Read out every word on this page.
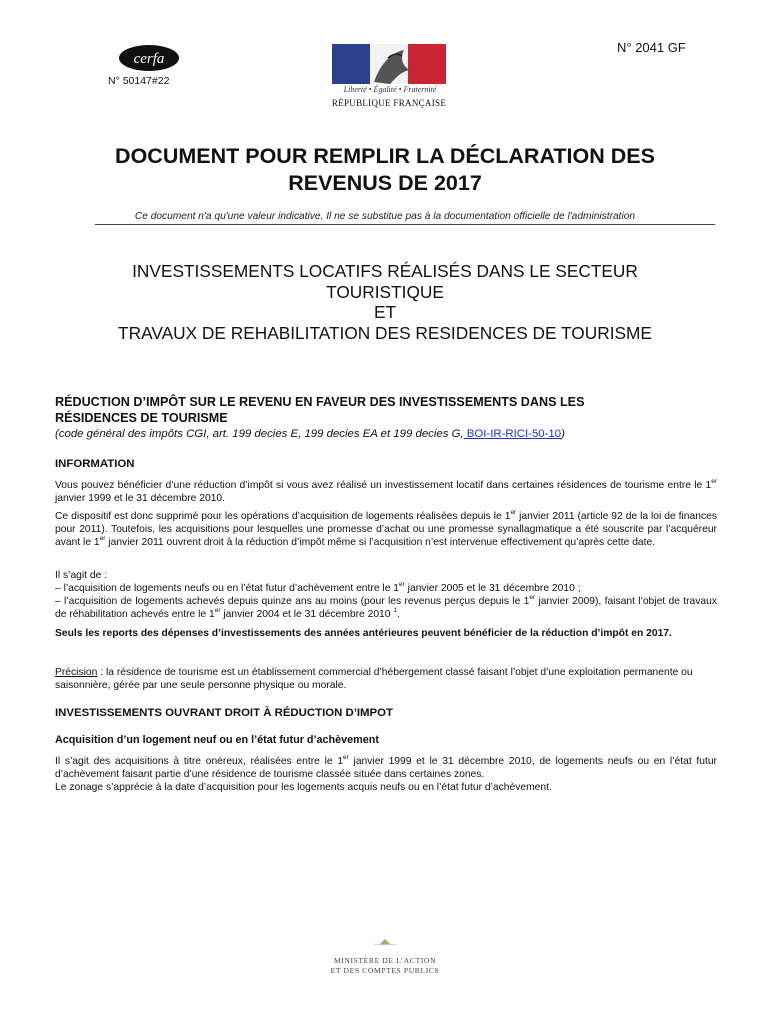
cerfa
N° 50147#22
N° 2041 GF
Liberté • Égalité • Fraternité
RÉPUBLIQUE FRANÇAISE
DOCUMENT POUR REMPLIR LA DÉCLARATION DES
REVENUS DE 2017
Ce document n'a qu'une valeur indicative. Il ne se substitue pas à la documentation officielle de l'administration
INVESTISSEMENTS LOCATIFS RÉALISÉS DANS LE SECTEUR
TOURISTIQUE
ET
TRAVAUX DE REHABILITATION DES RESIDENCES DE TOURISME
RÉDUCTION D’IMPÔT SUR LE REVENU EN FAVEUR DES INVESTISSEMENTS DANS LES
RÉSIDENCES DE TOURISME
(code général des impôts CGI, art. 199 decies E, 199 decies EA et 199 decies G, BOI-IR-RICI-50-10)
INFORMATION
Vous pouvez bénéficier d’une réduction d’impôt si vous avez réalisé un investissement locatif dans certaines résidences de tourisme entre le 1er janvier 1999 et le 31 décembre 2010.
Ce dispositif est donc supprimé pour les opérations d’acquisition de logements réalisées depuis le 1er janvier 2011 (article 92 de la loi de finances pour 2011). Toutefois, les acquisitions pour lesquelles une promesse d’achat ou une promesse synallagmatique a été souscrite par l’acquéreur avant le 1er janvier 2011 ouvrent droit à la réduction d’impôt même si l’acquisition n’est intervenue effectivement qu’après cette date.
Il s’agit de :
– l’acquisition de logements neufs ou en l’état futur d’achèvement entre le 1er janvier 2005 et le 31 décembre 2010 ;
– l’acquisition de logements achevés depuis quinze ans au moins (pour les revenus perçus depuis le 1er janvier 2009), faisant l’objet de travaux de réhabilitation achevés entre le 1er janvier 2004 et le 31 décembre 2010 $^1$.
Seuls les reports des dépenses d’investissements des années antérieures peuvent bénéficier de la réduction d’impôt en 2017.
Précision : la résidence de tourisme est un établissement commercial d’hébergement classé faisant l’objet d’une exploitation permanente ou saisonnière, gérée par une seule personne physique ou morale.
INVESTISSEMENTS OUVRANT DROIT À RÉDUCTION D’IMPOT
Acquisition d’un logement neuf ou en l’état futur d’achèvement
Il s’agit des acquisitions à titre onéreux, réalisées entre le 1er janvier 1999 et le 31 décembre 2010, de logements neufs ou en l’état futur d’achèvement faisant partie d’une résidence de tourisme classée située dans certaines zones.
Le zonage s’apprécie à la date d’acquisition pour les logements acquis neufs ou en l’état futur d’achèvement.
MINISTÈRE DE L’ACTION
ET DES COMPTES PUBLICS
